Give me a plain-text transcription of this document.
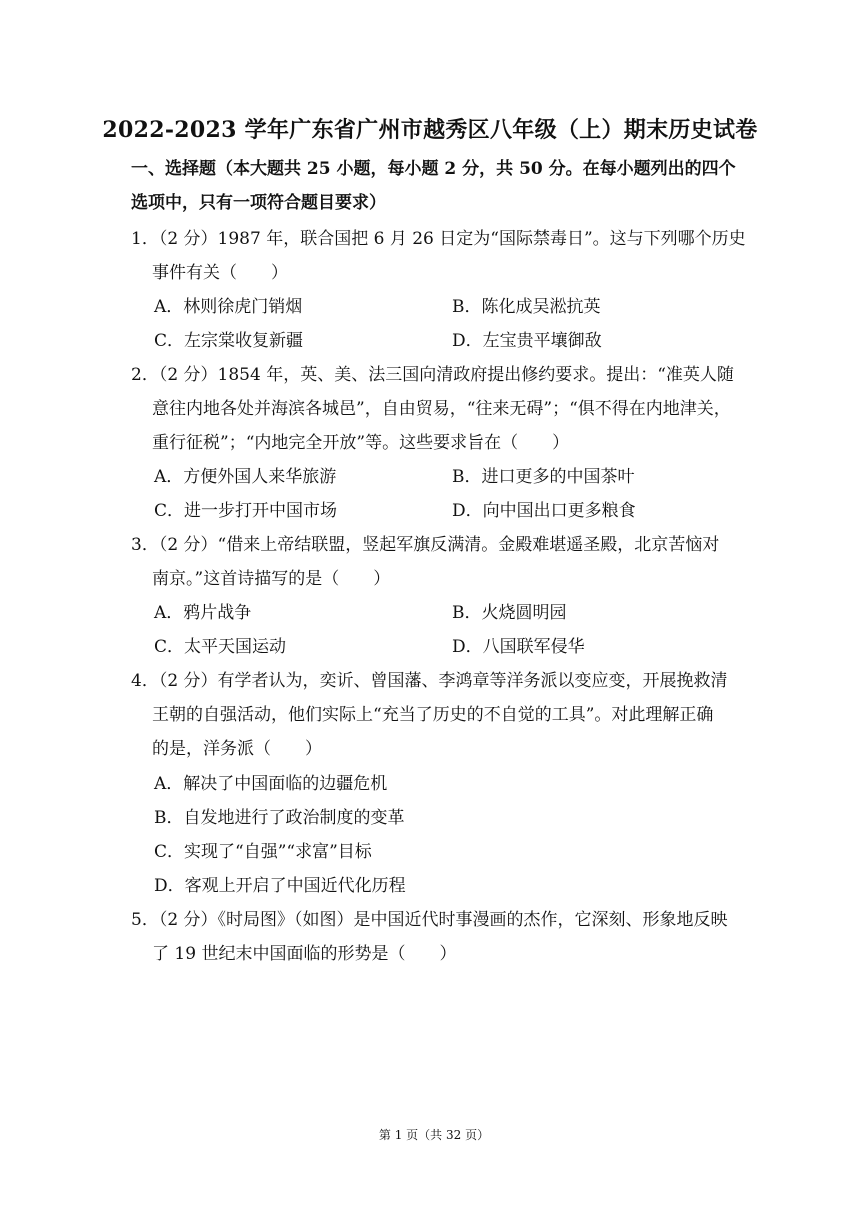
2022-2023 学年广东省广州市越秀区八年级（上）期末历史试卷
一、选择题（本大题共 25 小题，每小题 2 分，共 50 分。在每小题列出的四个
选项中，只有一项符合题目要求）
1．（2 分）1987 年，联合国把 6 月 26 日定为“国际禁毒日”。这与下列哪个历史
事件有关（　　）
A．林则徐虎门销烟	B．陈化成吴淞抗英
C．左宗棠收复新疆	D．左宝贵平壤御敌
2．（2 分）1854 年，英、美、法三国向清政府提出修约要求。提出：“准英人随
意往内地各处并海滨各城邑”，自由贸易，“往来无碍”；“俱不得在内地津关，
重行征税”；“内地完全开放”等。这些要求旨在（　　）
A．方便外国人来华旅游	B．进口更多的中国茶叶
C．进一步打开中国市场	D．向中国出口更多粮食
3．（2 分）“借来上帝结联盟，竖起军旗反满清。金殿难堪遥圣殿，北京苦恼对
南京。”这首诗描写的是（　　）
A．鸦片战争	B．火烧圆明园
C．太平天国运动	D．八国联军侵华
4．（2 分）有学者认为，奕䜣、曾国藩、李鸿章等洋务派以变应变，开展挽救清
王朝的自强活动，他们实际上“充当了历史的不自觉的工具”。对此理解正确
的是，洋务派（　　）
A．解决了中国面临的边疆危机
B．自发地进行了政治制度的变革
C．实现了“自强”“求富”目标
D．客观上开启了中国近代化历程
5．（2 分）《时局图》（如图）是中国近代时事漫画的杰作，它深刻、形象地反映
了 19 世纪末中国面临的形势是（　　）
第 1 页（共 32 页）
